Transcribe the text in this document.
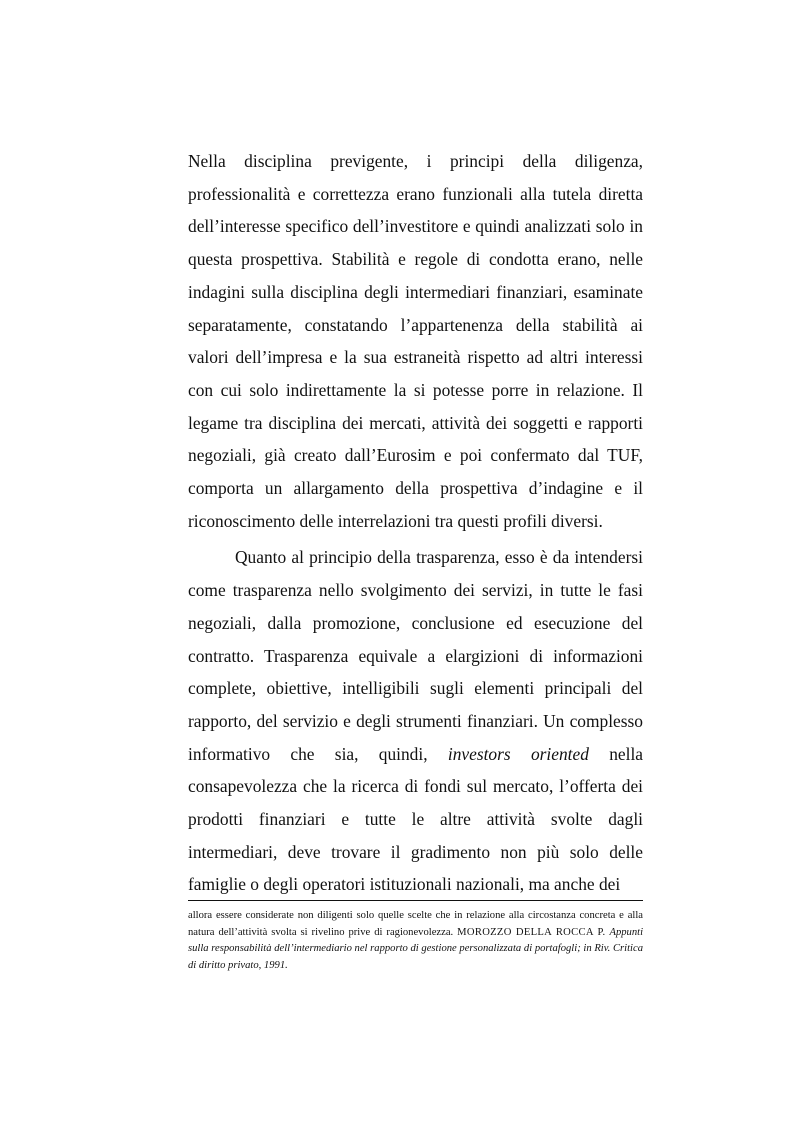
Nella disciplina previgente, i principi della diligenza, professionalità e correttezza erano funzionali alla tutela diretta dell’interesse specifico dell’investitore e quindi analizzati solo in questa prospettiva. Stabilità e regole di condotta erano, nelle indagini sulla disciplina degli intermediari finanziari, esaminate separatamente, constatando l’appartenenza della stabilità ai valori dell’impresa e la sua estraneità rispetto ad altri interessi con cui solo indirettamente la si potesse porre in relazione. Il legame tra disciplina dei mercati, attività dei soggetti e rapporti negoziali, già creato dall’Eurosim e poi confermato dal TUF, comporta un allargamento della prospettiva d’indagine e il riconoscimento delle interrelazioni tra questi profili diversi.

Quanto al principio della trasparenza, esso è da intendersi come trasparenza nello svolgimento dei servizi, in tutte le fasi negoziali, dalla promozione, conclusione ed esecuzione del contratto. Trasparenza equivale a elargizioni di informazioni complete, obiettive, intelligibili sugli elementi principali del rapporto, del servizio e degli strumenti finanziari. Un complesso informativo che sia, quindi, investors oriented nella consapevolezza che la ricerca di fondi sul mercato, l’offerta dei prodotti finanziari e tutte le altre attività svolte dagli intermediari, deve trovare il gradimento non più solo delle famiglie o degli operatori istituzionali nazionali, ma anche dei

allora essere considerate non diligenti solo quelle scelte che in relazione alla circostanza concreta e alla natura dell’attività svolta si rivelino prive di ragionevolezza. MOROZZO DELLA ROCCA P. Appunti sulla responsabilità dell’intermediario nel rapporto di gestione personalizzata di portafogli; in Riv. Critica di diritto privato, 1991.
